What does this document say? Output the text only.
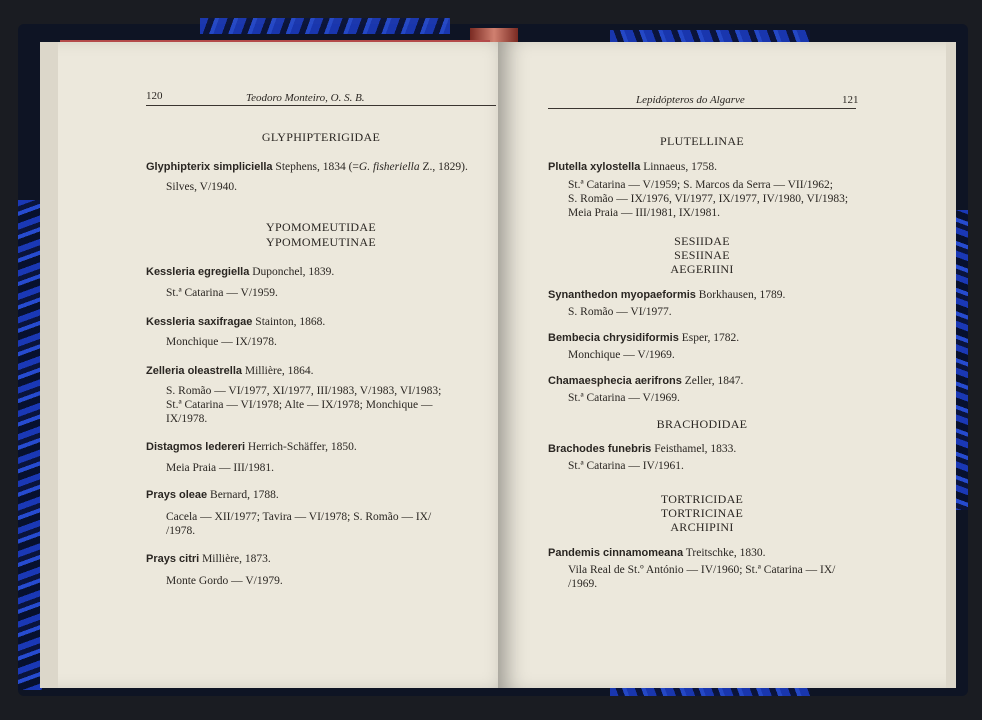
120	Teodoro Monteiro, O. S. B.
GLYPHIPTERIGIDAE
Glyphipterix simpliciella Stephens, 1834 (=G. fisheriella Z., 1829).
Silves, V/1940.
YPOMOMEUTIDAE
YPOMOMEUTINAE
Kessleria egregiella Duponchel, 1839.
St.ª Catarina — V/1959.
Kessleria saxifragae Stainton, 1868.
Monchique — IX/1978.
Zelleria oleastrella Millière, 1864.
S. Romão — VI/1977, XI/1977, III/1983, V/1983, VI/1983;
St.ª Catarina — VI/1978; Alte — IX/1978; Monchique —
IX/1978.
Distagmos ledereri Herrich-Schäffer, 1850.
Meia Praia — III/1981.
Prays oleae Bernard, 1788.
Cacela — XII/1977; Tavira — VI/1978; S. Romão — IX/
/1978.
Prays citri Millière, 1873.
Monte Gordo — V/1979.
Lepidópteros do Algarve	121
PLUTELLINAE
Plutella xylostella Linnaeus, 1758.
St.ª Catarina — V/1959; S. Marcos da Serra — VII/1962;
S. Romão — IX/1976, VI/1977, IX/1977, IV/1980, VI/1983;
Meia Praia — III/1981, IX/1981.
SESIIDAE
SESIINAE
AEGERIINI
Synanthedon myopaeformis Borkhausen, 1789.
S. Romão — VI/1977.
Bembecia chrysidiformis Esper, 1782.
Monchique — V/1969.
Chamaesphecia aerifrons Zeller, 1847.
St.ª Catarina — V/1969.
BRACHODIDAE
Brachodes funebris Feisthamel, 1833.
St.ª Catarina — IV/1961.
TORTRICIDAE
TORTRICINAE
ARCHIPINI
Pandemis cinnamomeana Treitschke, 1830.
Vila Real de St.º António — IV/1960; St.ª Catarina — IX/
/1969.
